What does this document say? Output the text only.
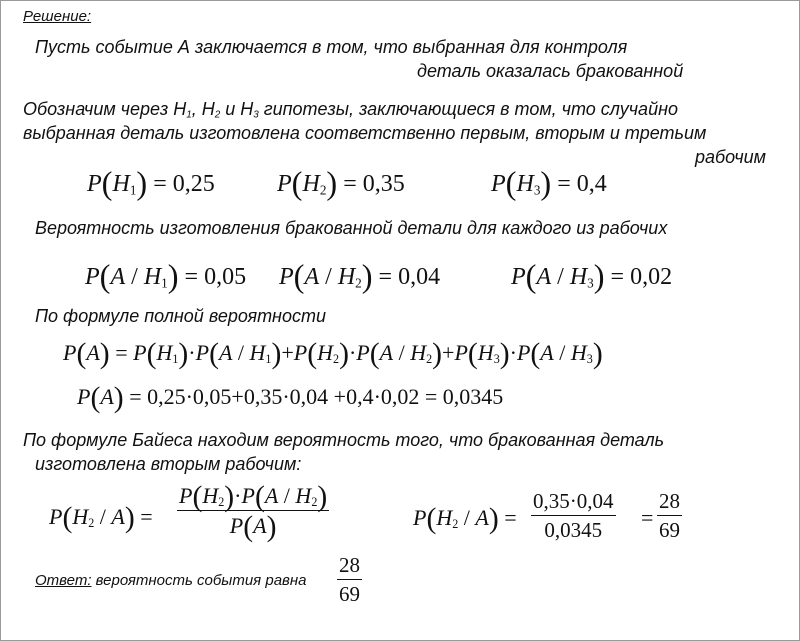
Решение:
Пусть событие А заключается в том, что выбранная для контроля
деталь оказалась бракованной
Обозначим через $H_1$, $H_2$ и $H_3$ гипотезы, заключающиеся в том, что случайно
выбранная деталь изготовлена соответственно первым, вторым и третьим
рабочим
$P(H_1) = 0,25$	$P(H_2) = 0,35$	$P(H_3) = 0,4$
Вероятность изготовления бракованной детали для каждого из рабочих
$P(A / H_1) = 0,05$ $P(A / H_2) = 0,04$	$P(A / H_3) = 0,02$
По формуле полной вероятности
$P(A) = P(H_1)\cdot P(A / H_1)+P(H_2)\cdot P(A / H_2)+P(H_3)\cdot P(A / H_3)$
P(A) = 0,25·0,05+0,35·0,04 +0,4·0,02 = 0,0345
По формуле Байеса находим вероятность того, что бракованная деталь
изготовлена вторым рабочим:
$P(H_2 / A)$ =
$P(H_2)\cdot P(A / H_2)$
P(A)	$P(H_2 / A)$ =
0,35·0,04
0,0345	=
28
69
Ответ: вероятность события равна
28
69
